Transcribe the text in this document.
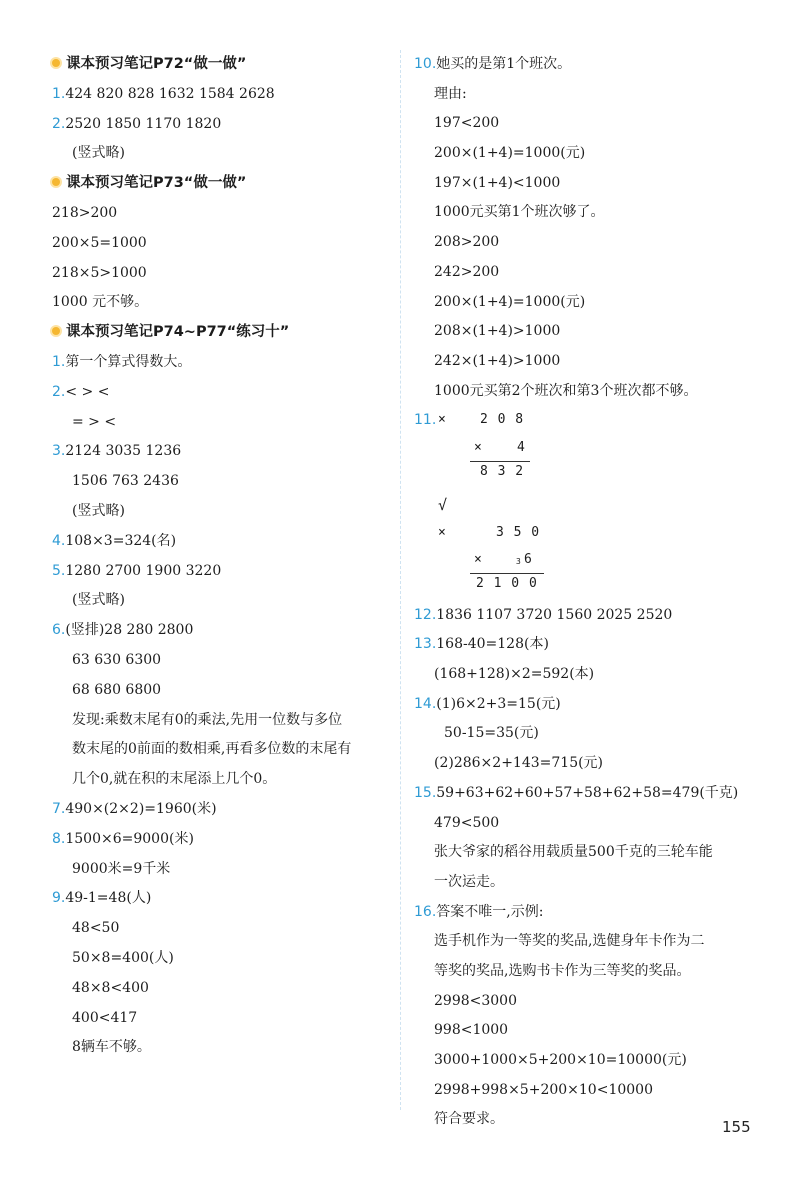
课本预习笔记P72“做一做”
1.424 820 828 1632 1584 2628
2.2520 1850 1170 1820
(竖式略)
课本预习笔记P73“做一做”
218>200
200×5=1000
218×5>1000
1000 元不够。
课本预习笔记P74~P77“练习十”
1.第一个算式得数大。
2.< > <
= > <
3.2124 3035 1236
1506 763 2436
(竖式略)
4.108×3=324(名)
5.1280 2700 1900 3220
(竖式略)
6.(竖排)28 280 2800
63 630 6300
68 680 6800
发现:乘数末尾有0的乘法,先用一位数与多位
数末尾的0前面的数相乘,再看多位数的末尾有
几个0,就在积的末尾添上几个0。
7.490×(2×2)=1960(米)
8.1500×6=9000(米)
9000米=9千米
9.49-1=48(人)
48<50
50×8=400(人)
48×8<400
400<417
8辆车不够。
10.她买的是第1个班次。
理由:
197<200
200×(1+4)=1000(元)
197×(1+4)<1000
1000元买第1个班次够了。
208>200
242>200
200×(1+4)=1000(元)
208×(1+4)>1000
242×(1+4)>1000
1000元买第2个班次和第3个班次都不够。
11. ×	2 0 8
×	4
8 3 2
√
×	3 5 0
×	3 6
2 1 0 0
12.1836 1107 3720 1560 2025 2520
13.168-40=128(本)
(168+128)×2=592(本)
14.(1)6×2+3=15(元)
50-15=35(元)
(2)286×2+143=715(元)
15.59+63+62+60+57+58+62+58=479(千克)
479<500
张大爷家的稻谷用载质量500千克的三轮车能
一次运走。
16.答案不唯一,示例:
选手机作为一等奖的奖品,选健身年卡作为二
等奖的奖品,选购书卡作为三等奖的奖品。
2998<3000
998<1000
3000+1000×5+200×10=10000(元)
2998+998×5+200×10<10000
符合要求。	155
